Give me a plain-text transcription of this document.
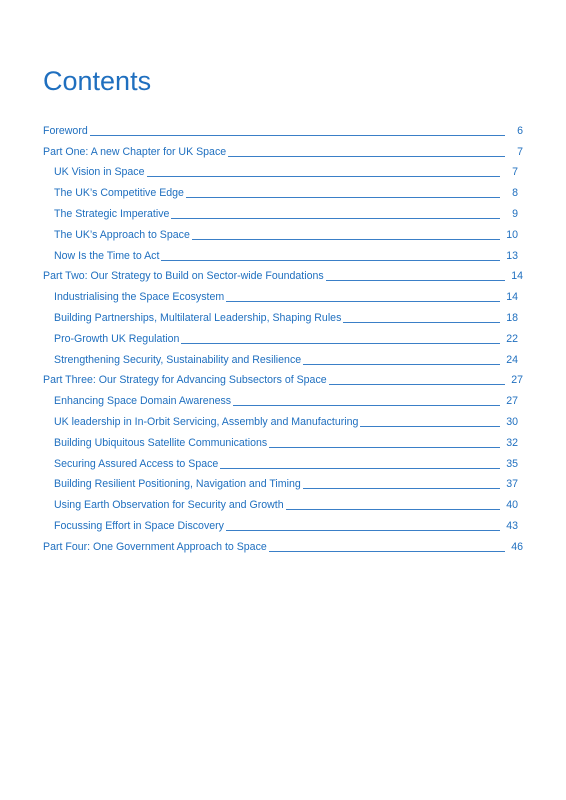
Contents
Foreword	6
Part One: A new Chapter for UK Space	7
UK Vision in Space	7
The UK’s Competitive Edge	8
The Strategic Imperative	9
The UK’s Approach to Space	10
Now Is the Time to Act	13
Part Two: Our Strategy to Build on Sector-wide Foundations	14
Industrialising the Space Ecosystem	14
Building Partnerships, Multilateral Leadership, Shaping Rules	18
Pro-Growth UK Regulation	22
Strengthening Security, Sustainability and Resilience	24
Part Three: Our Strategy for Advancing Subsectors of Space	27
Enhancing Space Domain Awareness	27
UK leadership in In-Orbit Servicing, Assembly and Manufacturing	30
Building Ubiquitous Satellite Communications	32
Securing Assured Access to Space	35
Building Resilient Positioning, Navigation and Timing	37
Using Earth Observation for Security and Growth	40
Focussing Effort in Space Discovery	43
Part Four: One Government Approach to Space	46
